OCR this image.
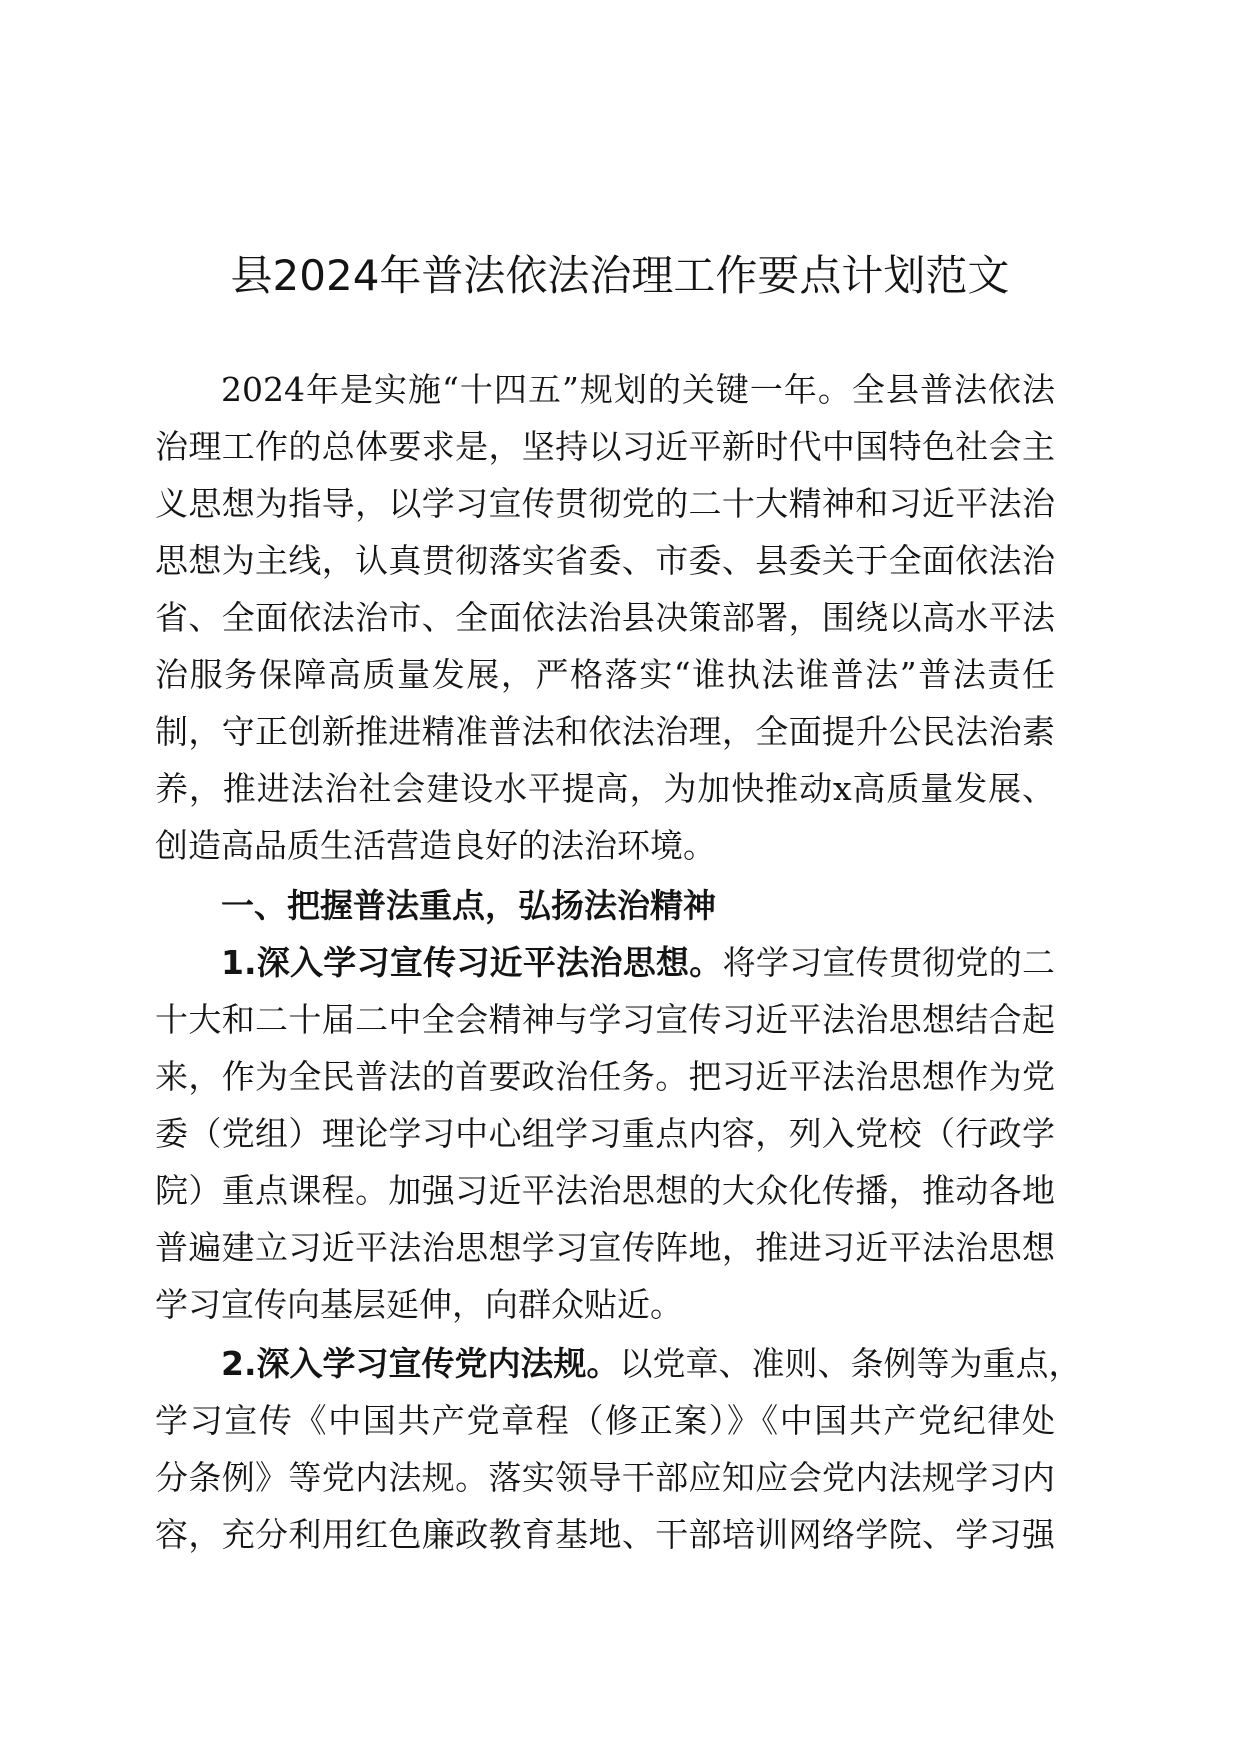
县2024年普法依法治理工作要点计划范文
2024年是实施“十四五”规划的关键一年。全县普法依法
治理工作的总体要求是，坚持以习近平新时代中国特色社会主
义思想为指导，以学习宣传贯彻党的二十大精神和习近平法治
思想为主线，认真贯彻落实省委、市委、县委关于全面依法治
省、全面依法治市、全面依法治县决策部署，围绕以高水平法
治服务保障高质量发展，严格落实“谁执法谁普法”普法责任
制，守正创新推进精准普法和依法治理，全面提升公民法治素
养，推进法治社会建设水平提高，为加快推动x高质量发展、
创造高品质生活营造良好的法治环境。
一、把握普法重点，弘扬法治精神
1.深入学习宣传习近平法治思想。将学习宣传贯彻党的二
十大和二十届二中全会精神与学习宣传习近平法治思想结合起
来，作为全民普法的首要政治任务。把习近平法治思想作为党
委（党组）理论学习中心组学习重点内容，列入党校（行政学
院）重点课程。加强习近平法治思想的大众化传播，推动各地
普遍建立习近平法治思想学习宣传阵地，推进习近平法治思想
学习宣传向基层延伸，向群众贴近。
2.深入学习宣传党内法规。以党章、准则、条例等为重点，
学习宣传《中国共产党章程（修正案）》《中国共产党纪律处
分条例》等党内法规。落实领导干部应知应会党内法规学习内
容，充分利用红色廉政教育基地、干部培训网络学院、学习强
